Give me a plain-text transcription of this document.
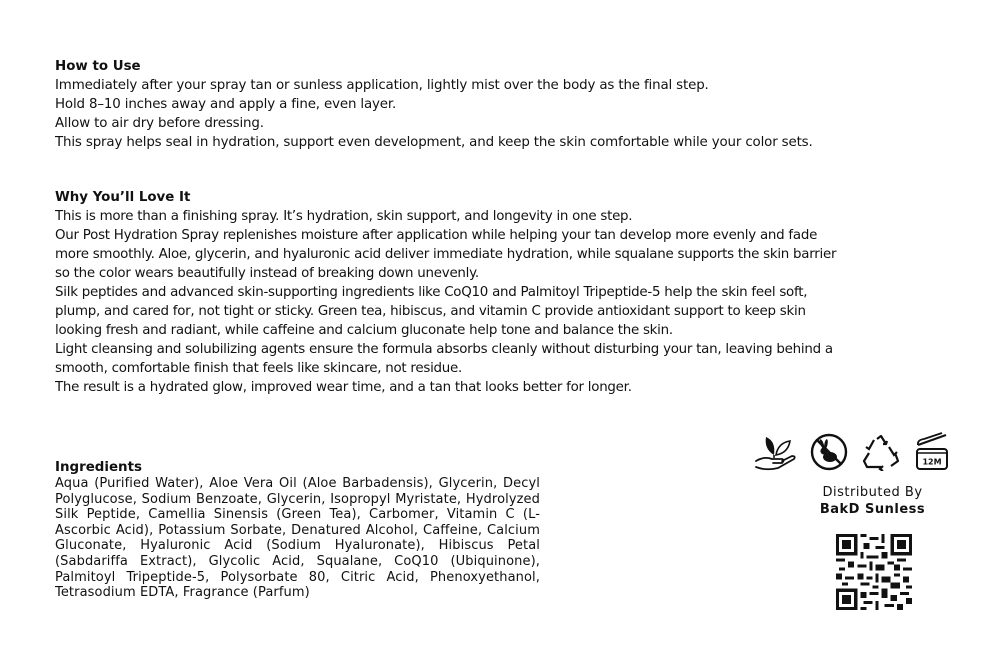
How to Use

Immediately after your spray tan or sunless application, lightly mist over the body as the final step.

Hold 8–10 inches away and apply a fine, even layer.

Allow to air dry before dressing.

This spray helps seal in hydration, support even development, and keep the skin comfortable while your color sets.

Why You’ll Love It

This is more than a finishing spray. It’s hydration, skin support, and longevity in one step.

Our Post Hydration Spray replenishes moisture after application while helping your tan develop more evenly and fade

more smoothly. Aloe, glycerin, and hyaluronic acid deliver immediate hydration, while squalane supports the skin barrier

so the color wears beautifully instead of breaking down unevenly.

Silk peptides and advanced skin-supporting ingredients like CoQ10 and Palmitoyl Tripeptide-5 help the skin feel soft,

plump, and cared for, not tight or sticky. Green tea, hibiscus, and vitamin C provide antioxidant support to keep skin

looking fresh and radiant, while caffeine and calcium gluconate help tone and balance the skin.

Light cleansing and solubilizing agents ensure the formula absorbs cleanly without disturbing your tan, leaving behind a

smooth, comfortable finish that feels like skincare, not residue.

The result is a hydrated glow, improved wear time, and a tan that looks better for longer.

Ingredients

Aqua (Purified Water), Aloe Vera Oil (Aloe Barbadensis), Glycerin, Decyl Polyglucose, Sodium Benzoate, Glycerin, Isopropyl Myristate, Hydrolyzed Silk Peptide, Camellia Sinensis (Green Tea), Carbomer, Vitamin C (L-Ascorbic Acid), Potassium Sorbate, Denatured Alcohol, Caffeine, Calcium Gluconate, Hyaluronic Acid (Sodium Hyaluronate), Hibiscus Petal (Sabdariffa Extract), Glycolic Acid, Squalane, CoQ10 (Ubiquinone), Palmitoyl Tripeptide-5, Polysorbate 80, Citric Acid, Phenoxyethanol, Tetrasodium EDTA, Fragrance (Parfum)

12M
Distributed By
BakD Sunless
